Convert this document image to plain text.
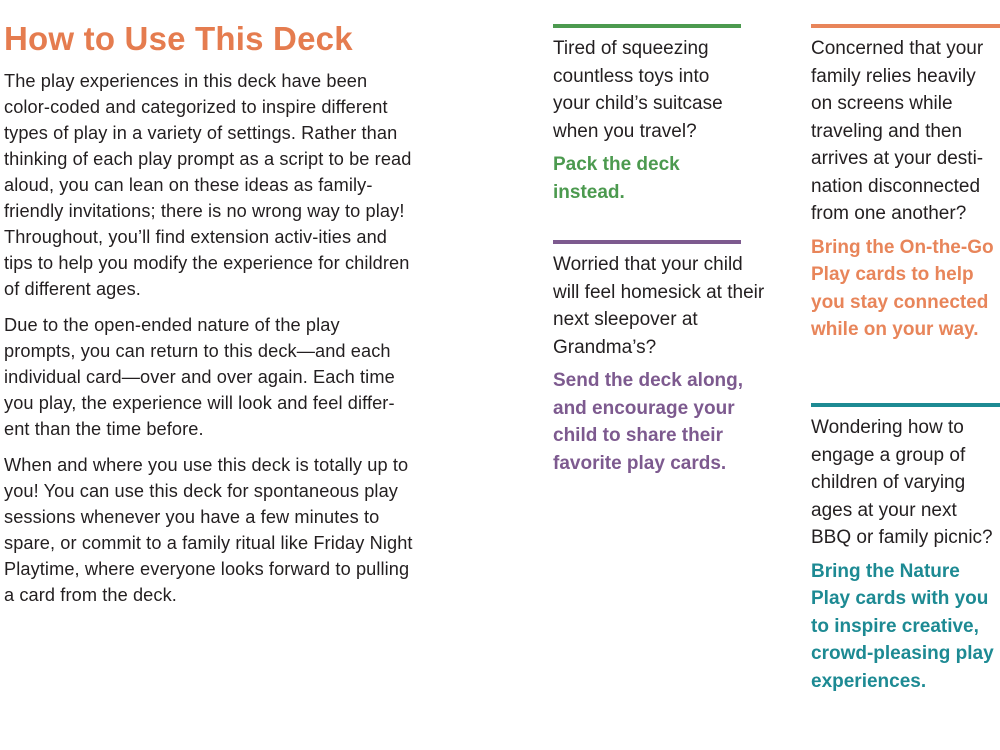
How to Use This Deck

The play experiences in this deck have been color-coded and categorized to inspire different types of play in a variety of settings. Rather than thinking of each play prompt as a script to be read aloud, you can lean on these ideas as family-friendly invitations; there is no wrong way to play! Throughout, you’ll find extension activ-ities and tips to help you modify the experience for children of different ages.

Due to the open-ended nature of the play prompts, you can return to this deck—and each individual card—over and over again. Each time you play, the experience will look and feel differ-ent than the time before.

When and where you use this deck is totally up to you! You can use this deck for spontaneous play sessions whenever you have a few minutes to spare, or commit to a family ritual like Friday Night Playtime, where everyone looks forward to pulling a card from the deck.

Tired of squeezing countless toys into your child’s suitcase when you travel?

Pack the deck instead.

Worried that your child will feel homesick at their next sleepover at Grandma’s?

Send the deck along, and encourage your child to share their favorite play cards.

Concerned that your family relies heavily on screens while traveling and then arrives at your desti-nation disconnected from one another?

Bring the On-the-Go Play cards to help you stay connected while on your way.

Wondering how to engage a group of children of varying ages at your next BBQ or family picnic?

Bring the Nature Play cards with you to inspire creative, crowd-pleasing play experiences.
